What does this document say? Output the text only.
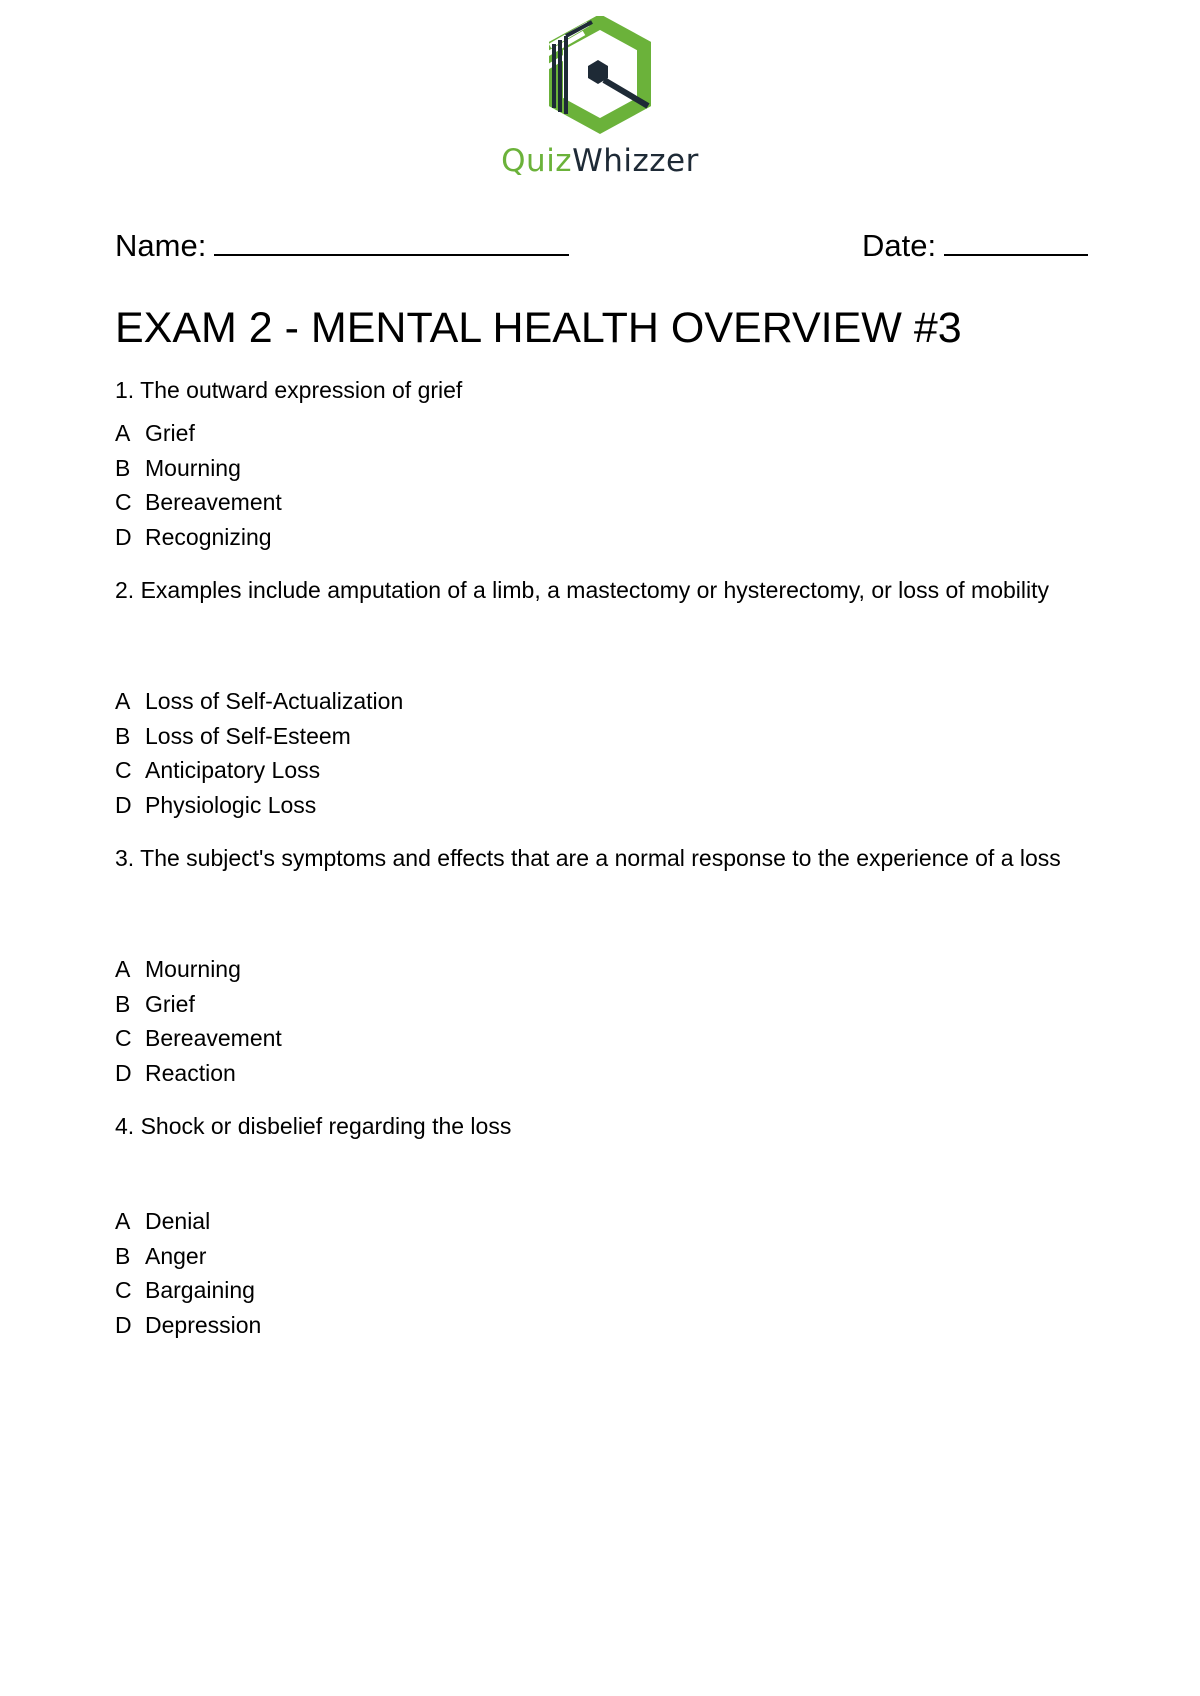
QuizWhizzer
Name:	Date:
EXAM 2 - MENTAL HEALTH OVERVIEW #3

1. The outward expression of grief

A Grief
B Mourning
C Bereavement
D Recognizing

2. Examples include amputation of a limb, a mastectomy or hysterectomy, or loss of mobility

A Loss of Self-Actualization
B Loss of Self-Esteem
C Anticipatory Loss
D Physiologic Loss

3. The subject's symptoms and effects that are a normal response to the experience of a loss

A Mourning
B Grief
C Bereavement
D Reaction

4. Shock or disbelief regarding the loss

A Denial
B Anger
C Bargaining
D Depression
